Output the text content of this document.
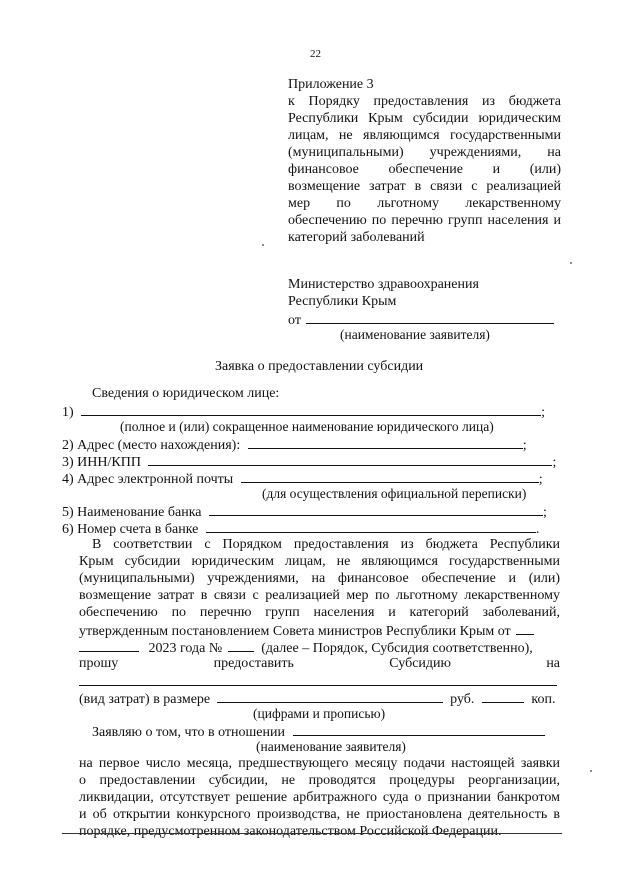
22
Приложение 3
к Порядку предоставления из бюджета
Республики Крым субсидии юридическим
лицам, не являющимся государственными
(муниципальными) учреждениями, на
финансовое обеспечение и (или)
возмещение затрат в связи с реализацией
мер по льготному лекарственному
обеспечению по перечню групп населения и
категорий заболеваний
Министерство здравоохранения
Республики Крым
от
(наименование заявителя)
Заявка о предоставлении субсидии
Сведения о юридическом лице:
1)	;
(полное и (или) сокращенное наименование юридического лица)
2) Адрес (место нахождения):	;
3) ИНН/КПП	;
4) Адрес электронной почты	;
(для осуществления официальной переписки)
5) Наименование банка	;
6) Номер счета в банке	.
В соответствии с Порядком предоставления из бюджета Республики
Крым субсидии юридическим лицам, не являющимся государственными
(муниципальными) учреждениями, на финансовое обеспечение и (или)
возмещение затрат в связи с реализацией мер по льготному лекарственному
обеспечению по перечню групп населения и категорий заболеваний,
утвержденным постановлением Совета министров Республики Крым от
2023 года №	(далее – Порядок, Субсидия соответственно),
прошу	предоставить	Субсидию	на
(вид затрат) в размере	руб.	коп.
(цифрами и прописью)
Заявляю о том, что в отношении
(наименование заявителя)
на первое число месяца, предшествующего месяцу подачи настоящей заявки
о предоставлении субсидии, не проводятся процедуры реорганизации,
ликвидации, отсутствует решение арбитражного суда о признании банкротом
и об открытии конкурсного производства, не приостановлена деятельность в
порядке, предусмотренном законодательством Российской Федерации.
